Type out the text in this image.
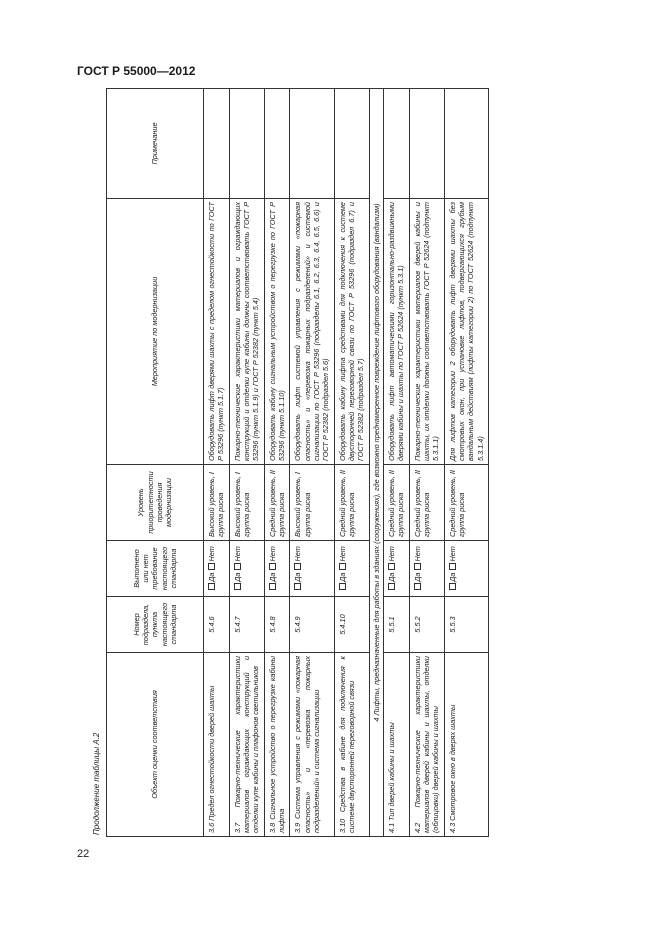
ГОСТ Р 55000—2012
Продолжение таблицы А.2	Объект оценки соответствия	Номер подраздела, пункта настоящего стандарта	Выполнено или нет требование настоящего стандарта	Уровень приоритетности проведения модернизации	Мероприятие по модернизации	Примечание
3.6 Предел огнестойкости дверей шахты	5.4.6	Да Нет	Высокий уровень, I группа риска	Оборудовать лифт дверями шахты с пределом огнестойкости по ГОСТ Р 53296 (пункт 5.1.7)	
3.7 Пожарно-технические характеристики материалов ограждающих конструкций и отделки купе кабины и плафонов светильников	5.4.7	Да Нет	Высокий уровень, I группа риска	Пожарно-технические характеристики материалов и ограждающих конструкций и отделки купе кабины должны соответствовать ГОСТ Р 53296 (пункт 5.1.9) и ГОСТ Р 52382 (пункт 5.4)	
3.8 Сигнальное устройство о перегрузке кабины лифта	5.4.8	Да Нет	Средний уровень, II группа риска	Оборудовать кабину сигнальным устройством о перегрузке по ГОСТ Р 53296 (пункт 5.1.10)	
3.9 Система управления с режимами «пожарная опасность» и «перевозка пожарных подразделений» и система сигнализации	5.4.9	Да Нет	Высокий уровень, I группа риска	Оборудовать лифт системой управления с режимами «пожарная опасность» и «перевозка пожарных подразделений» и системой сигнализации по ГОСТ Р 53296 (подразделы 6.1, 6.2, 6.3, 6.4, 6.5, 6.6) и ГОСТ Р 52382 (подраздел 5.6)	
3.10 Средства в кабине для подключения к системе двусторонней переговорной связи	5.4.10	Да Нет	Средний уровень, II группа риска	Оборудовать кабину лифта средствами для подключения к системе двусторонней переговорной связи по ГОСТ Р 53296 (подраздел 6.7) и ГОСТ Р 52382 (подраздел 5.7)	
4 Лифты, предназначенные для работы в зданиях (сооружениях), где возможно преднамеренное повреждение лифтового оборудования (вандализм)					
4.1 Тип дверей кабины и шахты	5.5.1	Да Нет	Средний уровень, II группа риска	Оборудовать лифт автоматическими горизонтально-раздвижными дверями кабины и шахты по ГОСТ Р 52624 (пункт 5.3.1)	
4.2 Пожарно-технические характеристики материалов дверей кабины и шахты, отделки (облицовки) дверей кабины и шахты	5.5.2	Да Нет	Средний уровень, II группа риска	Пожарно-технические характеристики материалов дверей кабины и шахты, их отделки должны соответствовать ГОСТ Р 52624 (подпункт 5.3.1.1)	
4.3 Смотровое окно в дверях шахты	5.5.3	Да Нет	Средний уровень, II группа риска	Для лифтов категории 2 оборудовать лифт дверями шахты без смотровых окон, при установке лифтов, подвергающихся грубым вандальным действиям (лифты категории 2) по ГОСТ 52624 (подпункт 5.3.1.4)	
22
